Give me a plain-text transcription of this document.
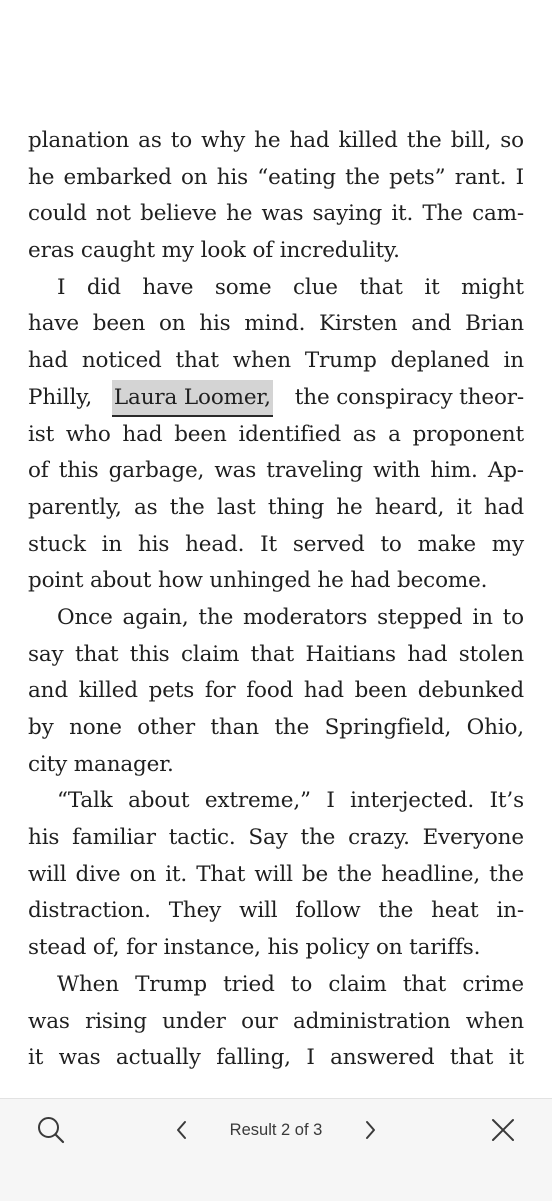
planation as to why he had killed the bill, so
he embarked on his “eating the pets” rant. I
could not believe he was saying it. The cam-
eras caught my look of incredulity.
I did have some clue that it might
have been on his mind. Kirsten and Brian
had noticed that when Trump deplaned in
Philly, Laura Loomer, the conspiracy theor-
ist who had been identified as a proponent
of this garbage, was traveling with him. Ap-
parently, as the last thing he heard, it had
stuck in his head. It served to make my
point about how unhinged he had become.
Once again, the moderators stepped in to
say that this claim that Haitians had stolen
and killed pets for food had been debunked
by none other than the Springfield, Ohio,
city manager.
“Talk about extreme,” I interjected. It’s
his familiar tactic. Say the crazy. Everyone
will dive on it. That will be the headline, the
distraction. They will follow the heat in-
stead of, for instance, his policy on tariffs.
When Trump tried to claim that crime
was rising under our administration when
it was actually falling, I answered that it
Result 2 of 3
